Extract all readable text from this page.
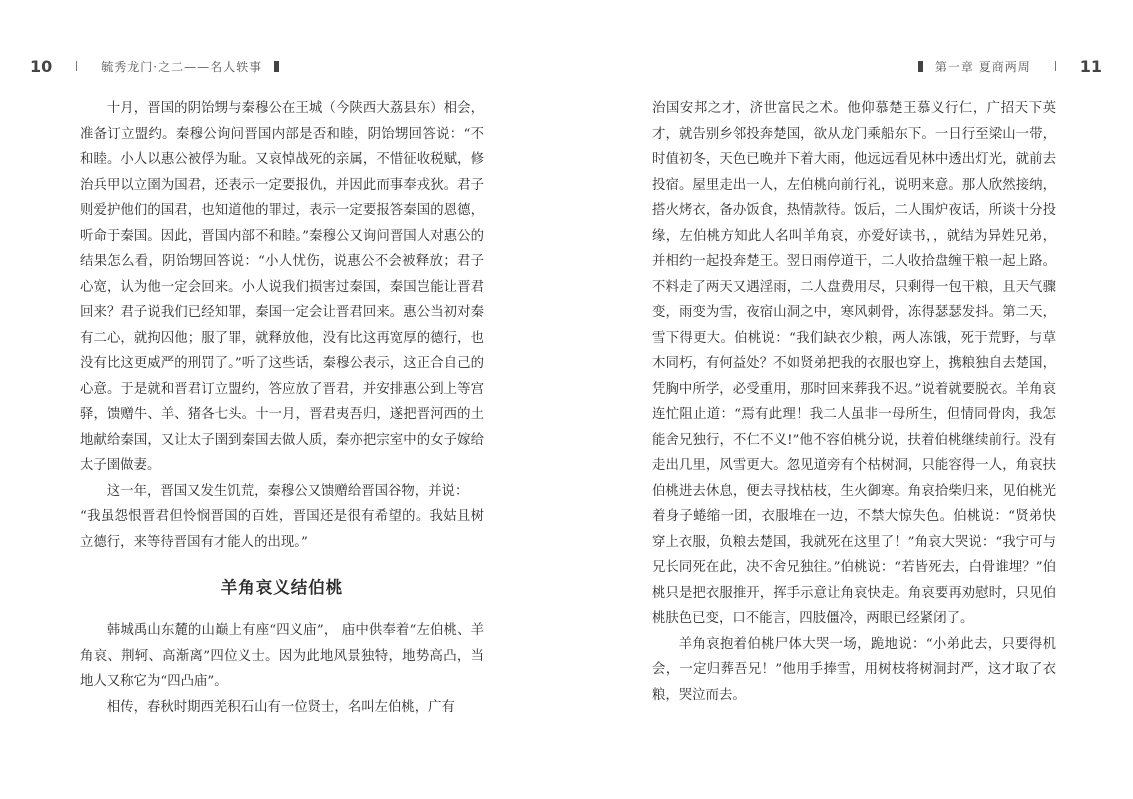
10	毓秀龙门·之二——名人轶事

十月，晋国的阴饴甥与秦穆公在王城（今陕西大荔县东）相会，准备订立盟约。秦穆公询问晋国内部是否和睦，阴饴甥回答说：“不和睦。小人以惠公被俘为耻。又哀悼战死的亲属，不惜征收税赋，修治兵甲以立圉为国君，还表示一定要报仇，并因此而事奉戎狄。君子则爱护他们的国君，也知道他的罪过，表示一定要报答秦国的恩德，听命于秦国。因此，晋国内部不和睦。”秦穆公又询问晋国人对惠公的结果怎么看，阴饴甥回答说：“小人忧伤，说惠公不会被释放；君子心宽，认为他一定会回来。小人说我们损害过秦国，秦国岂能让晋君回来？君子说我们已经知罪，秦国一定会让晋君回来。惠公当初对秦有二心，就拘囚他；服了罪，就释放他，没有比这再宽厚的德行，也没有比这更威严的刑罚了。”听了这些话，秦穆公表示，这正合自己的心意。于是就和晋君订立盟约，答应放了晋君，并安排惠公到上等宫驿，馈赠牛、羊、猪各七头。十一月，晋君夷吾归，遂把晋河西的土地献给秦国，又让太子圉到秦国去做人质，秦亦把宗室中的女子嫁给太子圉做妻。

这一年，晋国又发生饥荒，秦穆公又馈赠给晋国谷物，并说：

“我虽怨恨晋君但怜悯晋国的百姓，晋国还是很有希望的。我姑且树立德行，来等待晋国有才能人的出现。”

羊角哀义结伯桃

韩城禹山东麓的山巅上有座“四义庙”， 庙中供奉着“左伯桃、羊角哀、荆轲、高渐离”四位义士。因为此地风景独特，地势高凸，当地人又称它为“四凸庙”。

相传，春秋时期西羌积石山有一位贤士，名叫左伯桃，广有

第一章 夏商两周	11

治国安邦之才，济世富民之术。他仰慕楚王慕义行仁，广招天下英才，就告别乡邻投奔楚国，欲从龙门乘船东下。一日行至梁山一带，时值初冬，天色已晚并下着大雨，他远远看见林中透出灯光，就前去投宿。屋里走出一人，左伯桃向前行礼，说明来意。那人欣然接纳，搭火烤衣，备办饭食，热情款待。饭后，二人围炉夜话，所谈十分投缘，左伯桃方知此人名叫羊角哀，亦爱好读书，，就结为异姓兄弟，并相约一起投奔楚王。翌日雨停道干，二人收拾盘缠干粮一起上路。不料走了两天又遇淫雨，二人盘费用尽，只剩得一包干粮，且天气骤变，雨变为雪，夜宿山洞之中，寒风刺骨，冻得瑟瑟发抖。第二天，雪下得更大。伯桃说：“我们缺衣少粮，两人冻饿，死于荒野，与草木同朽，有何益处？不如贤弟把我的衣服也穿上，携粮独自去楚国，凭胸中所学，必受重用，那时回来葬我不迟。”说着就要脱衣。羊角哀连忙阻止道：“焉有此理！我二人虽非一母所生，但情同骨肉，我怎能舍兄独行，不仁不义!”他不容伯桃分说，扶着伯桃继续前行。没有走出几里，风雪更大。忽见道旁有个枯树洞，只能容得一人，角哀扶伯桃进去休息，便去寻找枯枝，生火御寒。角哀拾柴归来，见伯桃光着身子蜷缩一团，衣服堆在一边，不禁大惊失色。伯桃说：“贤弟快穿上衣服，负粮去楚国，我就死在这里了！”角哀大哭说：“我宁可与兄长同死在此，决不舍兄独往。”伯桃说：“若皆死去，白骨谁埋？”伯桃只是把衣服推开，挥手示意让角哀快走。角哀要再劝慰时，只见伯桃肤色已变，口不能言，四肢僵冷，两眼已经紧闭了。

羊角哀抱着伯桃尸体大哭一场，跪地说：“小弟此去，只要得机会，一定归葬吾兄！”他用手捧雪，用树枝将树洞封严，这才取了衣粮，哭泣而去。
